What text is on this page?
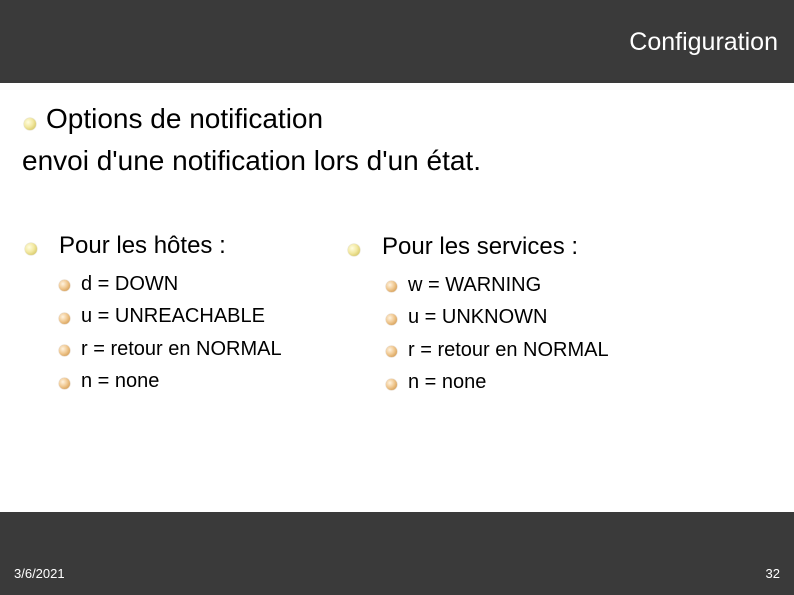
Configuration
Options de notification
envoi d'une notification lors d'un état.
Pour les hôtes :
d = DOWN
u = UNREACHABLE
r = retour en NORMAL
n = none
Pour les services :
w = WARNING
u = UNKNOWN
r = retour en NORMAL
n = none
3/6/2021	32
